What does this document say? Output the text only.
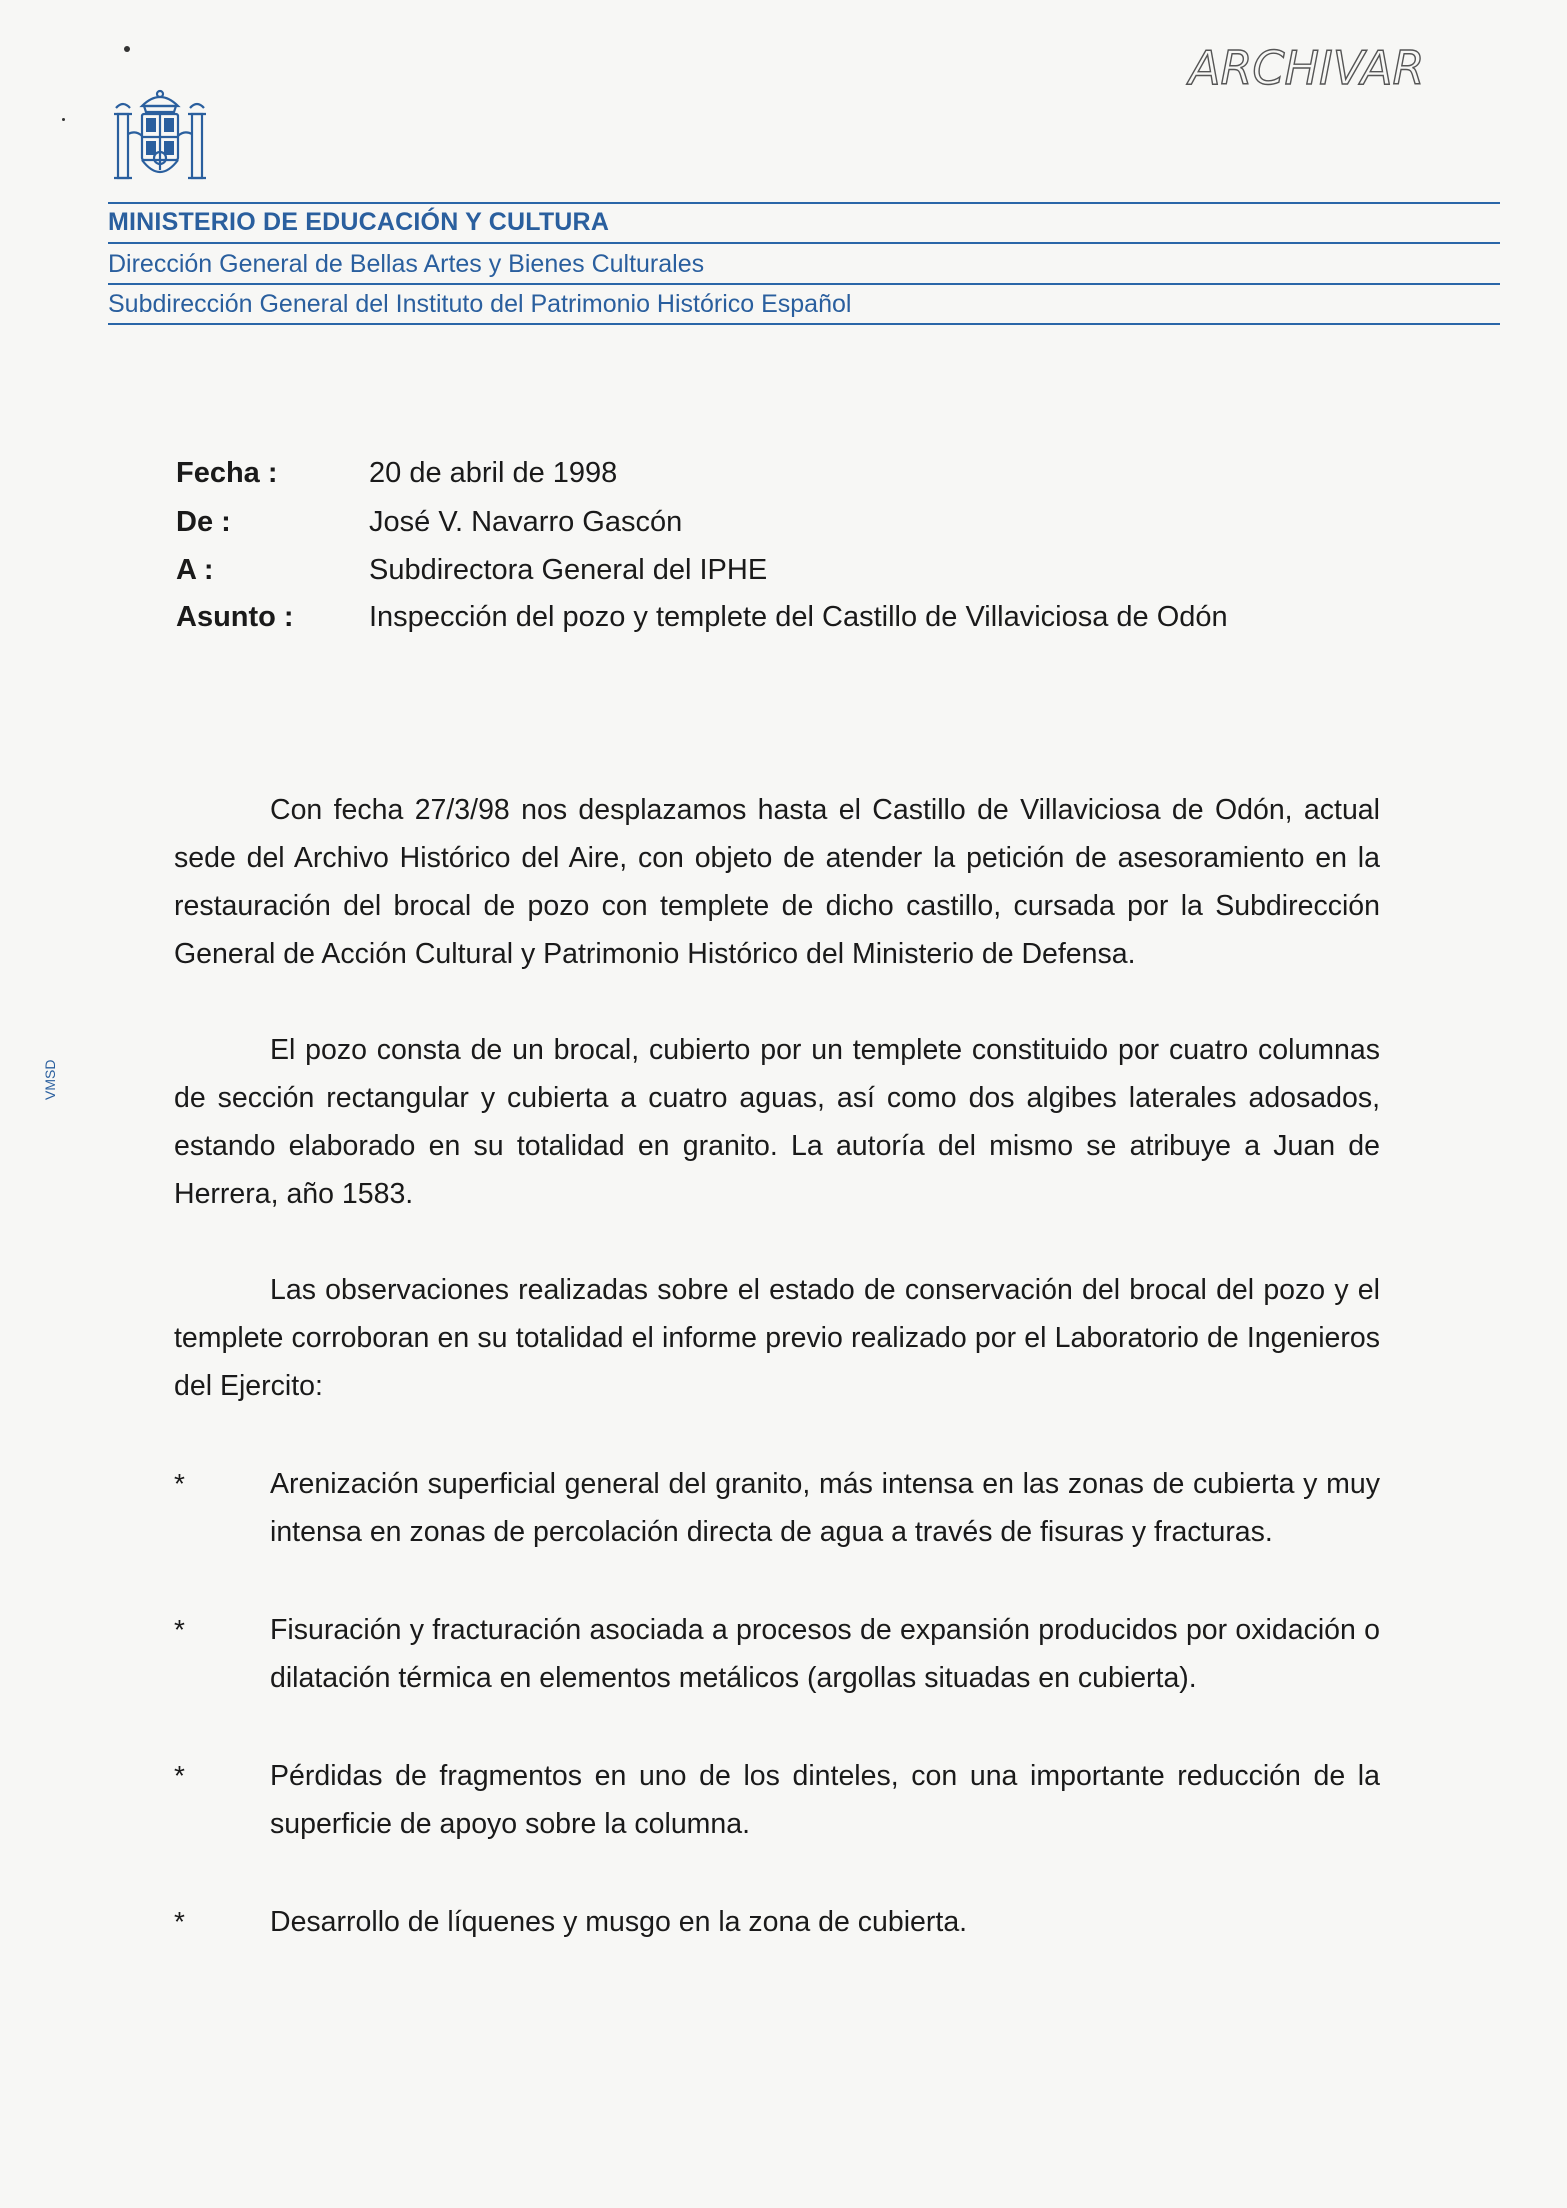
ARCHIVAR
MINISTERIO DE EDUCACIÓN Y CULTURA
Dirección General de Bellas Artes y Bienes Culturales
Subdirección General del Instituto del Patrimonio Histórico Español
VMSD
Fecha :	20 de abril de 1998
De :	José V. Navarro Gascón
A :	Subdirectora General del IPHE
Asunto :	Inspección del pozo y templete del Castillo de Villaviciosa de Odón
Con fecha 27/3/98 nos desplazamos hasta el Castillo de Villaviciosa de Odón, actual sede del Archivo Histórico del Aire, con objeto de atender la petición de asesoramiento en la restauración del brocal de pozo con templete de dicho castillo, cursada por la Subdirección General de Acción Cultural y Patrimonio Histórico del Ministerio de Defensa.
El pozo consta de un brocal, cubierto por un templete constituido por cuatro columnas de sección rectangular y cubierta a cuatro aguas, así como dos algibes laterales adosados, estando elaborado en su totalidad en granito. La autoría del mismo se atribuye a Juan de Herrera, año 1583.
Las observaciones realizadas sobre el estado de conservación del brocal del pozo y el templete corroboran en su totalidad el informe previo realizado por el Laboratorio de Ingenieros del Ejercito:
*	Arenización superficial general del granito, más intensa en las zonas de cubierta y muy intensa en zonas de percolación directa de agua a través de fisuras y fracturas.
*	Fisuración y fracturación asociada a procesos de expansión producidos por oxidación o dilatación térmica en elementos metálicos (argollas situadas en cubierta).
*	Pérdidas de fragmentos en uno de los dinteles, con una importante reducción de la superficie de apoyo sobre la columna.
*	Desarrollo de líquenes y musgo en la zona de cubierta.
